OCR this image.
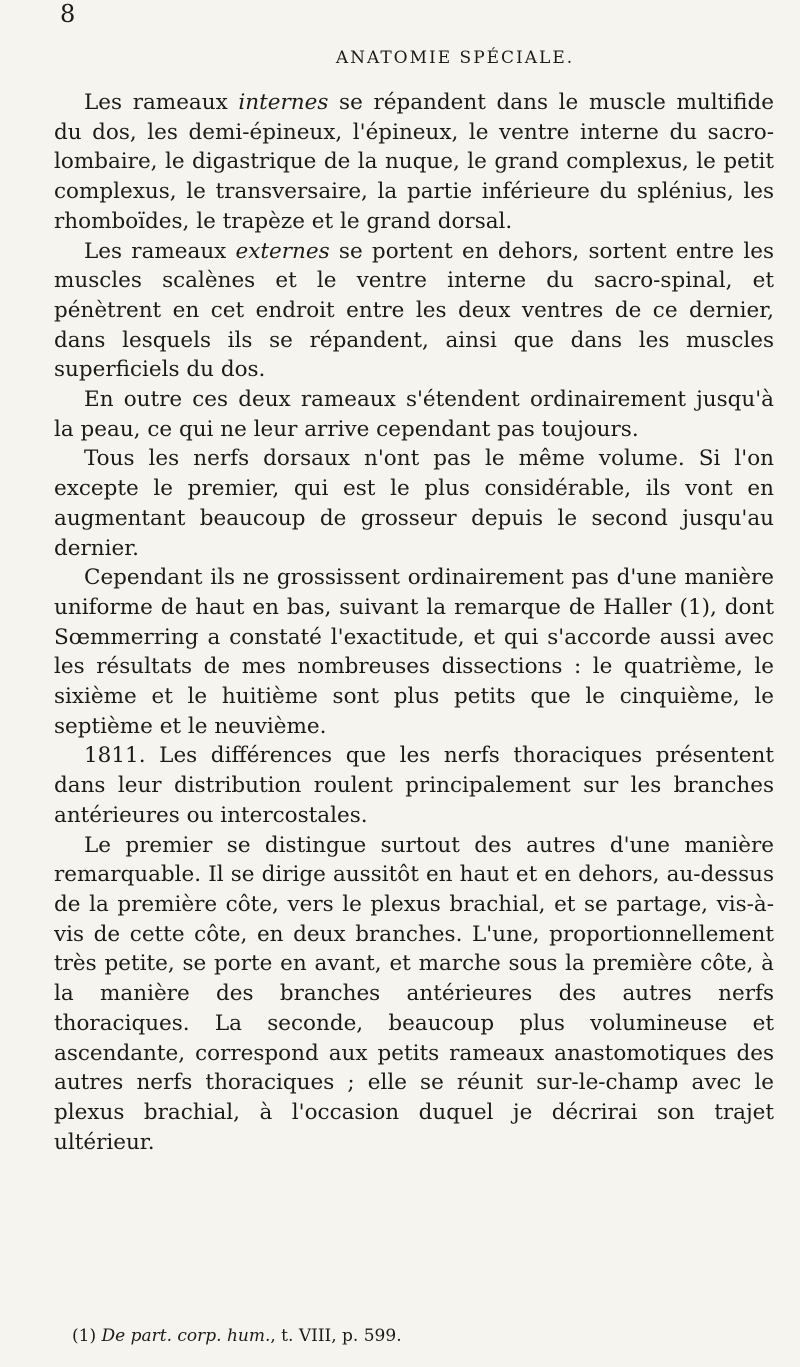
8
ANATOMIE SPÉCIALE.

Les rameaux internes se répandent dans le muscle multifide du dos, les demi-épineux, l'épineux, le ventre interne du sacro-lombaire, le digastrique de la nuque, le grand complexus, le petit complexus, le transversaire, la partie inférieure du splénius, les rhomboïdes, le trapèze et le grand dorsal.

Les rameaux externes se portent en dehors, sortent entre les muscles scalènes et le ventre interne du sacro-spinal, et pénètrent en cet endroit entre les deux ventres de ce dernier, dans lesquels ils se répandent, ainsi que dans les muscles superficiels du dos.

En outre ces deux rameaux s'étendent ordinairement jusqu'à la peau, ce qui ne leur arrive cependant pas toujours.

Tous les nerfs dorsaux n'ont pas le même volume. Si l'on excepte le premier, qui est le plus considérable, ils vont en augmentant beaucoup de grosseur depuis le second jusqu'au dernier.

Cependant ils ne grossissent ordinairement pas d'une manière uniforme de haut en bas, suivant la remarque de Haller (1), dont Sœmmerring a constaté l'exactitude, et qui s'accorde aussi avec les résultats de mes nombreuses dissections : le quatrième, le sixième et le huitième sont plus petits que le cinquième, le septième et le neuvième.

1811. Les différences que les nerfs thoraciques présentent dans leur distribution roulent principalement sur les branches antérieures ou intercostales.

Le premier se distingue surtout des autres d'une manière remarquable. Il se dirige aussitôt en haut et en dehors, au-dessus de la première côte, vers le plexus brachial, et se partage, vis-à-vis de cette côte, en deux branches. L'une, proportionnellement très petite, se porte en avant, et marche sous la première côte, à la manière des branches antérieures des autres nerfs thoraciques. La seconde, beaucoup plus volumineuse et ascendante, correspond aux petits rameaux anastomotiques des autres nerfs thoraciques ; elle se réunit sur-le-champ avec le plexus brachial, à l'occasion duquel je décrirai son trajet ultérieur.

(1) De part. corp. hum., t. VIII, p. 599.
